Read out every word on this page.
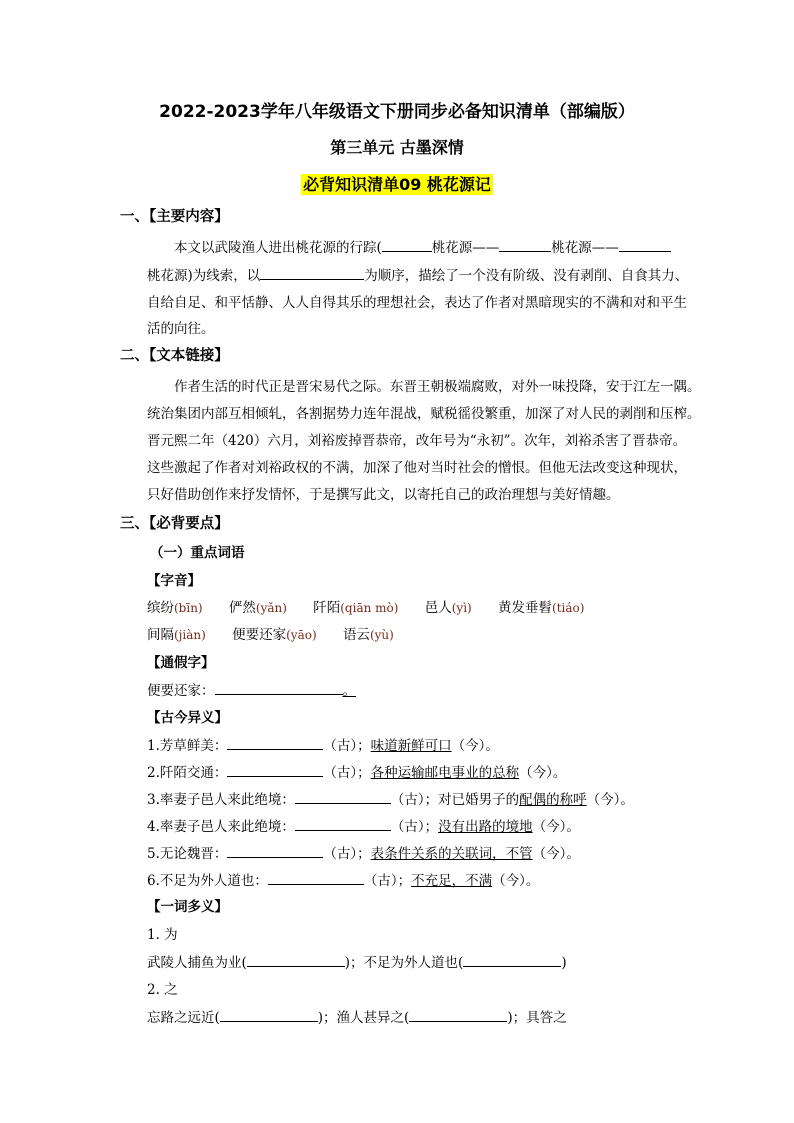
2022-2023学年八年级语文下册同步必备知识清单（部编版）
第三单元 古墨深情
必背知识清单09 桃花源记
一、【主要内容】
本文以武陵渔人进出桃花源的行踪(	桃花源——	桃花源——
桃花源)为线索，以	为顺序，描绘了一个没有阶级、没有剥削、自食其力、
自给自足、和平恬静、人人自得其乐的理想社会，表达了作者对黑暗现实的不满和对和平生
活的向往。
二、【文本链接】
作者生活的时代正是晋宋易代之际。东晋王朝极端腐败，对外一味投降，安于江左一隅。
统治集团内部互相倾轧，各割据势力连年混战，赋税徭役繁重，加深了对人民的剥削和压榨。
晋元熙二年（420）六月，刘裕废掉晋恭帝，改年号为“永初”。次年，刘裕杀害了晋恭帝。
这些激起了作者对刘裕政权的不满，加深了他对当时社会的憎恨。但他无法改变这种现状，
只好借助创作来抒发情怀，于是撰写此文，以寄托自己的政治理想与美好情趣。
三、【必背要点】
（一）重点词语
【字音】
缤纷(bīn) 俨然(yǎn) 阡陌(qiān mò) 邑人(yì) 黄发垂髫(tiáo)
间隔(jiàn) 便要还家(yāo) 语云(yù)
【通假字】
便要还家：	。
【古今异义】
1.芳草鲜美：	（古）；味道新鲜可口（今）。
2.阡陌交通：	（古）；各种运输邮电事业的总称（今）。
3.率妻子邑人来此绝境：	（古）；对已婚男子的配偶的称呼（今）。
4.率妻子邑人来此绝境：	（古）；没有出路的境地（今）。
5.无论魏晋：	（古）；表条件关系的关联词，不管（今）。
6.不足为外人道也：	（古）；不充足，不满（今）。
【一词多义】
1. 为
武陵人捕鱼为业(	)；不足为外人道也(	)
2. 之
忘路之远近(	)；渔人甚异之(	)；具答之
